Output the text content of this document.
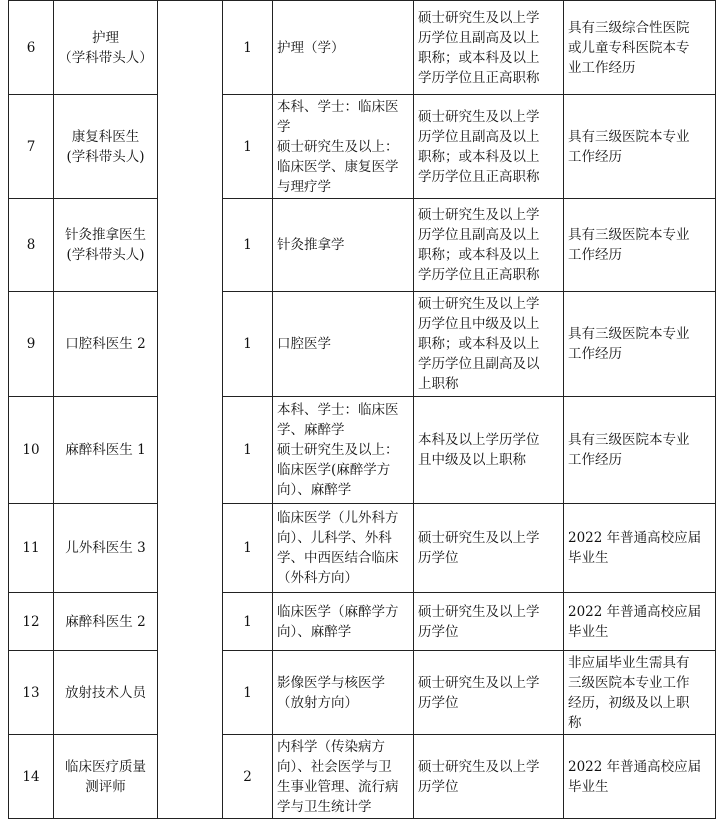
6	护理
（学科带头人）		1	护理（学）	硕士研究生及以上学
历学位且副高及以上
职称；或本科及以上
学历学位且正高职称	具有三级综合性医院
或儿童专科医院本专
业工作经历

7	康复科医生
(学科带头人)		1	本科、学士：临床医
学
硕士研究生及以上：
临床医学、康复医学
与理疗学	硕士研究生及以上学
历学位且副高及以上
职称；或本科及以上
学历学位且正高职称	具有三级医院本专业
工作经历

8	针灸推拿医生
(学科带头人)		1	针灸推拿学	硕士研究生及以上学
历学位且副高及以上
职称；或本科及以上
学历学位且正高职称	具有三级医院本专业
工作经历

9	口腔科医生 2		1	口腔医学	硕士研究生及以上学
历学位且中级及以上
职称；或本科及以上
学历学位且副高及以
上职称	具有三级医院本专业
工作经历

10	麻醉科医生 1		1	本科、学士：临床医
学、麻醉学
硕士研究生及以上：
临床医学(麻醉学方
向）、麻醉学	本科及以上学历学位
且中级及以上职称	具有三级医院本专业
工作经历

11	儿外科医生 3		1	临床医学（儿外科方
向）、儿科学、外科
学、中西医结合临床
（外科方向）	硕士研究生及以上学
历学位	2022 年普通高校应届
毕业生

12	麻醉科医生 2		1	临床医学（麻醉学方
向）、麻醉学	硕士研究生及以上学
历学位	2022 年普通高校应届
毕业生

13	放射技术人员		1	影像医学与核医学
（放射方向）	硕士研究生及以上学
历学位	非应届毕业生需具有
三级医院本专业工作
经历，初级及以上职
称

14	临床医疗质量
测评师		2	内科学（传染病方
向）、社会医学与卫
生事业管理、流行病
学与卫生统计学	硕士研究生及以上学
历学位	2022 年普通高校应届
毕业生
